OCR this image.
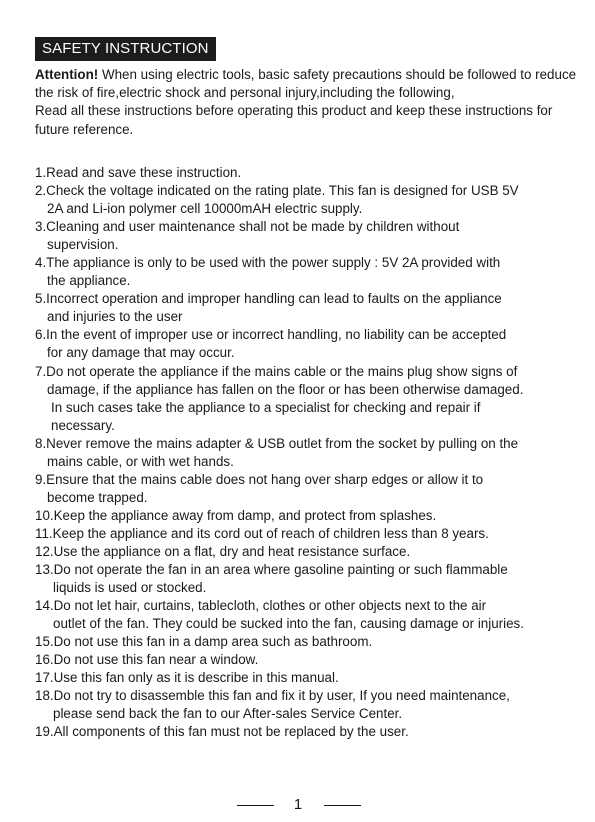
SAFETY INSTRUCTION

Attention! When using electric tools, basic safety precautions should be followed to reduce the risk of fire,electric shock and personal injury,including the following,

Read all these instructions before operating this product and keep these instructions for future reference.

1.Read and save these instruction.
2.Check the voltage indicated on the rating plate. This fan is designed for USB 5V
2A and Li-ion polymer cell 10000mAH electric supply.
3.Cleaning and user maintenance shall not be made by children without
supervision.
4.The appliance is only to be used with the power supply : 5V 2A provided with
the appliance.
5.Incorrect operation and improper handling can lead to faults on the appliance
and injuries to the user
6.In the event of improper use or incorrect handling, no liability can be accepted
for any damage that may occur.
7.Do not operate the appliance if the mains cable or the mains plug show signs of
damage, if the appliance has fallen on the floor or has been otherwise damaged.
In such cases take the appliance to a specialist for checking and repair if
necessary.
8.Never remove the mains adapter & USB outlet from the socket by pulling on the
mains cable, or with wet hands.
9.Ensure that the mains cable does not hang over sharp edges or allow it to
become trapped.
10.Keep the appliance away from damp, and protect from splashes.
11.Keep the appliance and its cord out of reach of children less than 8 years.
12.Use the appliance on a flat, dry and heat resistance surface.
13.Do not operate the fan in an area where gasoline painting or such flammable
liquids is used or stocked.
14.Do not let hair, curtains, tablecloth, clothes or other objects next to the air
outlet of the fan. They could be sucked into the fan, causing damage or injuries.
15.Do not use this fan in a damp area such as bathroom.
16.Do not use this fan near a window.
17.Use this fan only as it is describe in this manual.
18.Do not try to disassemble this fan and fix it by user, If you need maintenance,
please send back the fan to our After-sales Service Center.
19.All components of this fan must not be replaced by the user.
1
